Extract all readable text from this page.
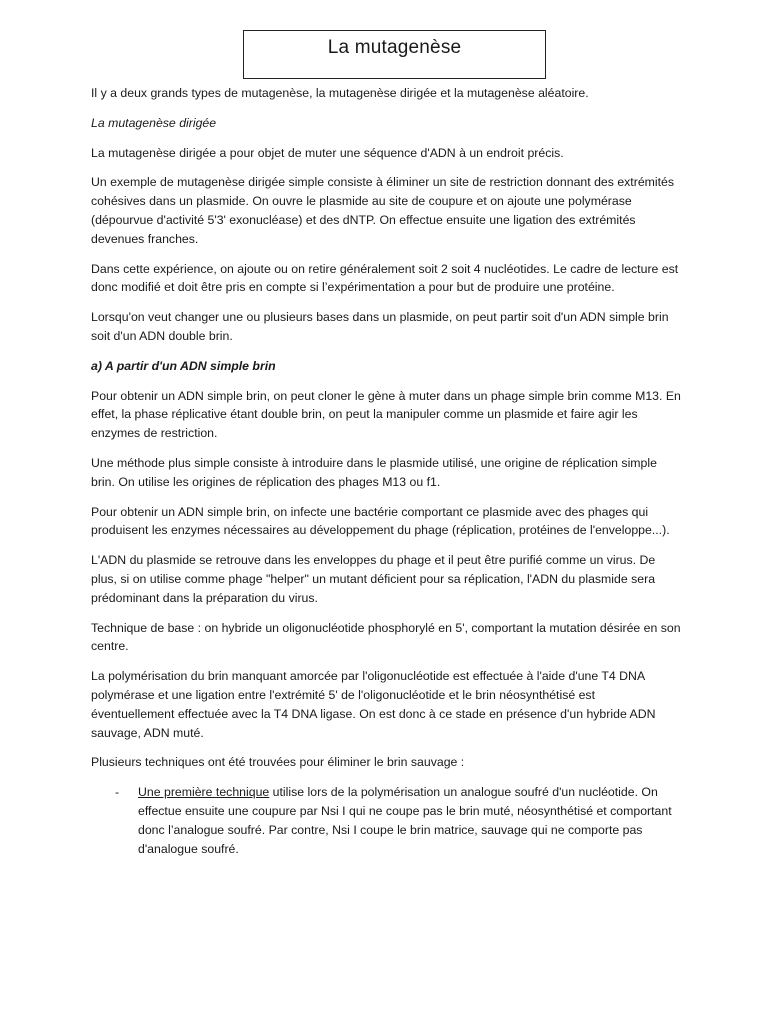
La mutagenèse

Il y a deux grands types de mutagenèse, la mutagenèse dirigée et la mutagenèse aléatoire.

La mutagenèse dirigée

La mutagenèse dirigée a pour objet de muter une séquence d'ADN à un endroit précis.

Un exemple de mutagenèse dirigée simple consiste à éliminer un site de restriction donnant des extrémités cohésives dans un plasmide. On ouvre le plasmide au site de coupure et on ajoute une polymérase (dépourvue d'activité 5'3' exonucléase) et des dNTP. On effectue ensuite une ligation des extrémités devenues franches.

Dans cette expérience, on ajoute ou on retire généralement soit 2 soit 4 nucléotides. Le cadre de lecture est donc modifié et doit être pris en compte si l’expérimentation a pour but de produire une protéine.

Lorsqu'on veut changer une ou plusieurs bases dans un plasmide, on peut partir soit d'un ADN simple brin soit d'un ADN double brin.

a) A partir d'un ADN simple brin

Pour obtenir un ADN simple brin, on peut cloner le gène à muter dans un phage simple brin comme M13. En effet, la phase réplicative étant double brin, on peut la manipuler comme un plasmide et faire agir les enzymes de restriction.

Une méthode plus simple consiste à introduire dans le plasmide utilisé, une origine de réplication simple brin. On utilise les origines de réplication des phages M13 ou f1.

Pour obtenir un ADN simple brin, on infecte une bactérie comportant ce plasmide avec des phages qui produisent les enzymes nécessaires au développement du phage (réplication, protéines de l'enveloppe...).

L'ADN du plasmide se retrouve dans les enveloppes du phage et il peut être purifié comme un virus. De plus, si on utilise comme phage "helper" un mutant déficient pour sa réplication, l'ADN du plasmide sera prédominant dans la préparation du virus.

Technique de base : on hybride un oligonucléotide phosphorylé en 5', comportant la mutation désirée en son centre.

La polymérisation du brin manquant amorcée par l'oligonucléotide est effectuée à l'aide d'une T4 DNA polymérase et une ligation entre l'extrémité 5' de l'oligonucléotide et le brin néosynthétisé est éventuellement effectuée avec la T4 DNA ligase. On est donc à ce stade en présence d'un hybride ADN sauvage, ADN muté.

Plusieurs techniques ont été trouvées pour éliminer le brin sauvage :

- Une première technique utilise lors de la polymérisation un analogue soufré d'un nucléotide. On effectue ensuite une coupure par Nsi I qui ne coupe pas le brin muté, néosynthétisé et comportant donc l’analogue soufré. Par contre, Nsi I coupe le brin matrice, sauvage qui ne comporte pas d'analogue soufré.
